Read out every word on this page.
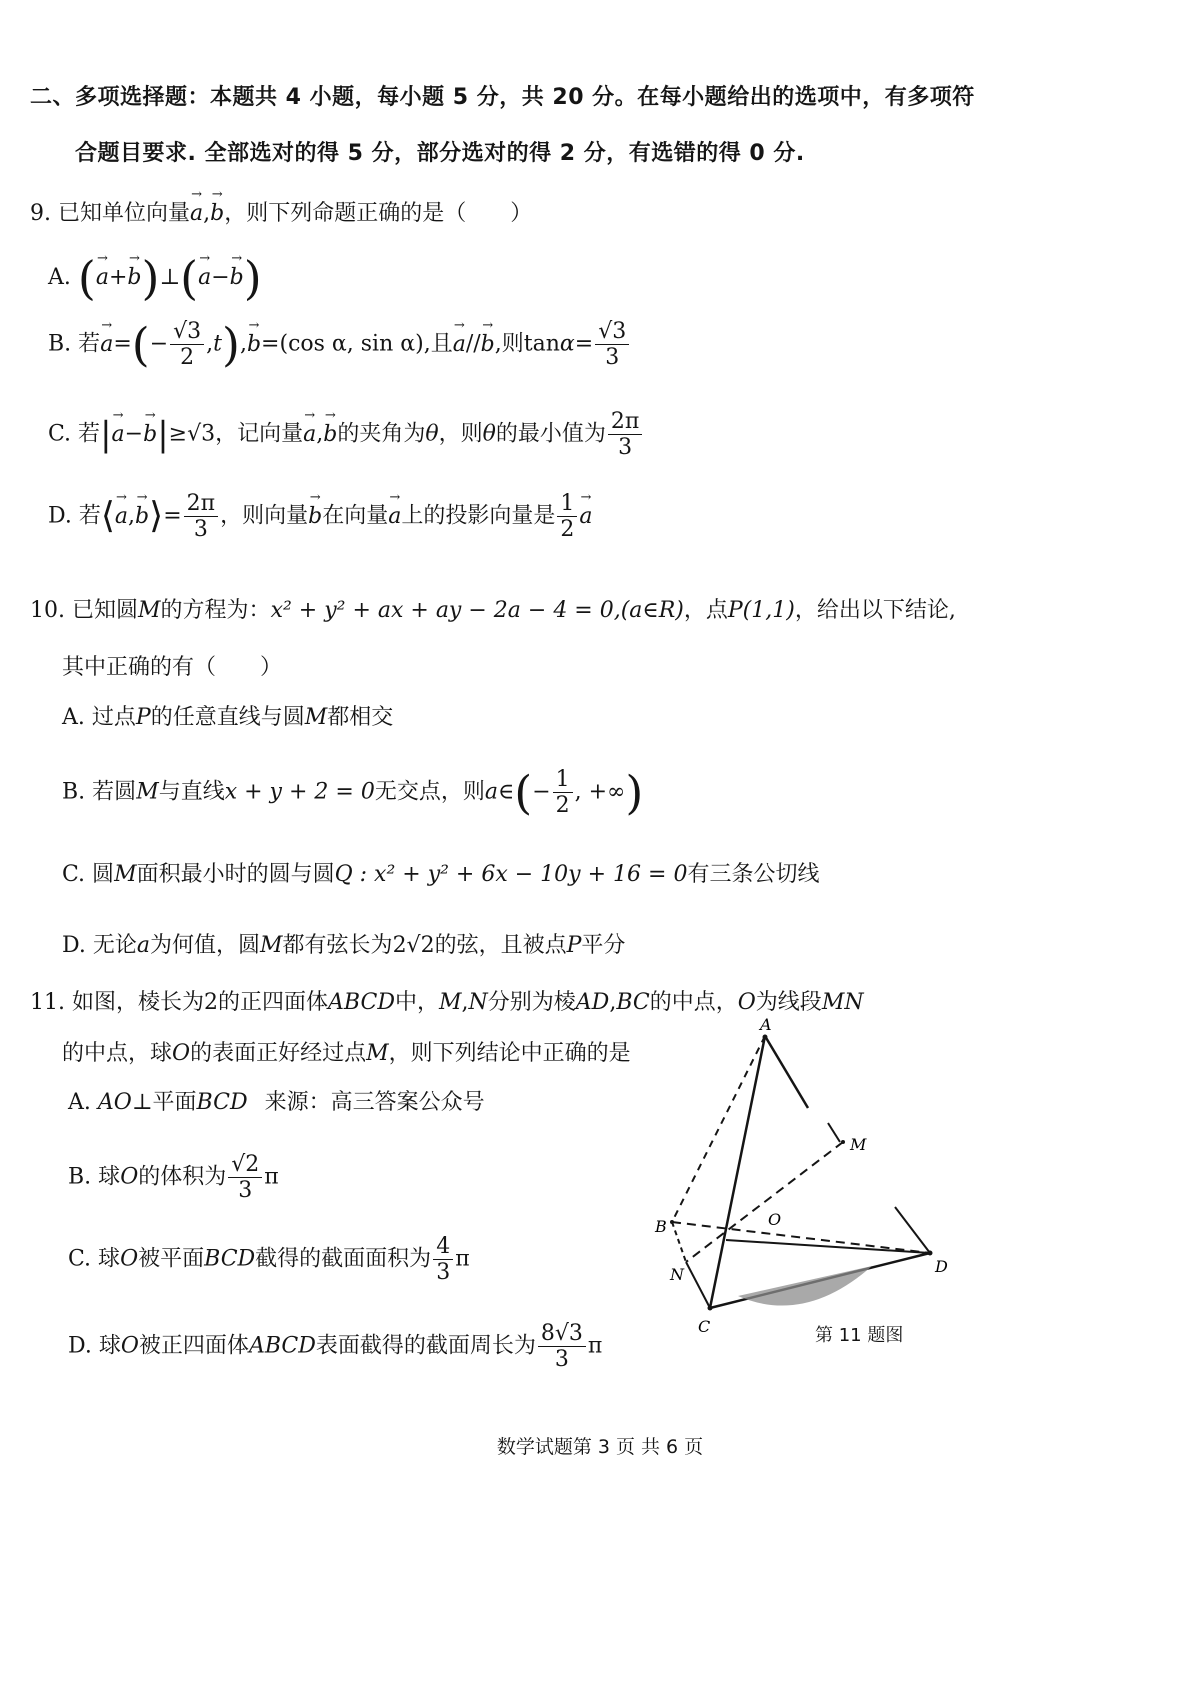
二、多项选择题：本题共 4 小题，每小题 5 分，共 20 分。在每小题给出的选项中，有多项符
合题目要求. 全部选对的得 5 分，部分选对的得 2 分，有选错的得 0 分.
9. 已知单位向量→ a,→ b，则下列命题正确的是（　　）
A. (→ a+→ b)⊥(→ a−→ b)
B. 若→ $a=(- \frac{√3}{2} ,t),\to b=(\cos$ α, sin α),且→ a//→ b,则$\tan\alpha= \frac{√3}{3}$
C. 若|→ a−→ b|≥√3，记向量→ a,→ b的夹角为θ，则θ的最小值为 $\frac{2\pi}{3}$
D. 若⟨→ a,→ b⟩= $\frac{2\pi}{3}$ ，则向量→ b在向量→ a上的投影向量是 $\frac{1}{2}$
→ a
10. 已知圆M的方程为：x² + y² + ax + ay − 2a − 4 = 0,(a∈R)，点P(1,1)，给出以下结论,
其中正确的有（　　）
A. 过点P的任意直线与圆M都相交
B. 若圆M与直线x + y + 2 = 0无交点，则a∈(− $\frac{1}{2}$ , +∞)
C. 圆M面积最小时的圆与圆Q : x² + y² + 6x − 10y + 16 = 0有三条公切线
D. 无论a为何值，圆M都有弦长为2√2的弦，且被点P平分
11. 如图，棱长为2的正四面体ABCD中，M,N分别为棱AD,BC的中点，O为线段MN
的中点，球O的表面正好经过点M，则下列结论中正确的是
A. AO⊥平面BCD 来源：高三答案公众号
B. 球O的体积为 $\frac{√2}{3}$ π
C. 球O被平面BCD截得的截面面积为 $\frac{4}{3}$ π
D. 球O被正四面体ABCD表面截得的截面周长为 $\frac{8√3}{3}$ π
A
M
O
B
D
N
C	第 11 题图
数学试题第 3 页 共 6 页
